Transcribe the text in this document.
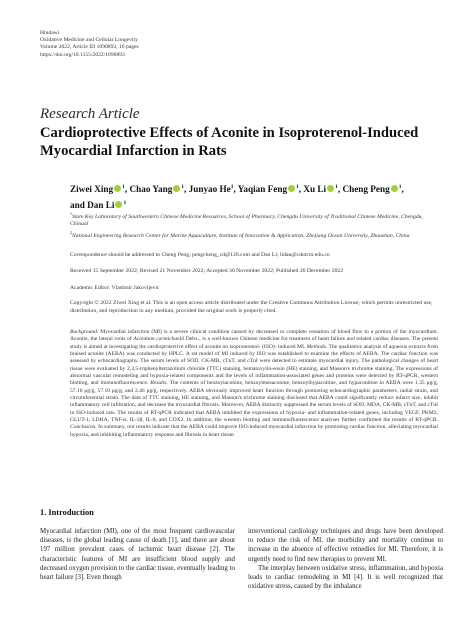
Hindawi
Oxidative Medicine and Cellular Longevity
Volume 2022, Article ID 1090893, 16 pages
https://doi.org/10.1155/2022/1090893
Research Article
Cardioprotective Effects of Aconite in Isoproterenol-Induced Myocardial Infarction in Rats
Ziwei Xing $^1$, Chao Yang $^1$, Junyao He$^1$, Yaqian Feng $^1$, Xu Li $^1$, Cheng Peng $^1$,
and Dan Li $^1$
$^1$State Key Laboratory of Southwestern Chinese Medicine Resources, School of Pharmacy, Chengdu University of Traditional Chinese Medicine, Chengdu, Chinaal
$^2$National Engineering Research Center for Marine Aquaculture, Institute of Innovation & Application, Zhejiang Ocean University, Zhoushan, China
Correspondence should be addressed to Cheng Peng; pengcheng_cd@126.com and Dan Li; lidan@cdutcm.edu.cn
Received 15 September 2022; Revised 21 November 2022; Accepted 30 November 2022; Published 26 December 2022
Academic Editor: Vladimir Jakovljevic
Copyright © 2022 Ziwei Xing et al. This is an open access article distributed under the Creative Commons Attribution License, which permits unrestricted use, distribution, and reproduction in any medium, provided the original work is properly cited.
Background. Myocardial infarction (MI) is a severe clinical condition caused by decreased or complete cessation of blood flow to a portion of the myocardium. Aconite, the lateral roots of Aconitum carmichaelii Debx., is a well-known Chinese medicine for treatment of heart failure and related cardiac diseases. The present study is aimed at investigating the cardioprotective effect of aconite on isoproterenol- (ISO)- induced MI. Methods. The qualitative analysis of aqueous extracts from braised aconite (AEBA) was conducted by HPLC. A rat model of MI induced by ISO was established to examine the effects of AEBA. The cardiac function was assessed by echocardiography. The serum levels of SOD, CK-MB, cTnT, and cTnI were detected to estimate myocardial injury. The pathological changes of heart tissue were evaluated by 2,3,5-triphenyltetrazolium chloride (TTC) staining, hematoxylin-eosin (HE) staining, and Masson's trichrome staining. The expressions of abnormal vascular remodeling and hypoxia-related components and the levels of inflammation-associated genes and proteins were detected by RT-qPCR, western blotting, and immunofluorescence. Results. The contents of benzoylaconine, benzoylmesaconine, benzoylhypacoitine, and hypaconitine in AEBA were 1.35 μg/g, 57.10 μg/g, 57.10 μg/g, and 2.46 μg/g, respectively. AEBA obviously improved heart function through promoting echocardiographic parameters, radial strain, and circumferential strain. The data of TTC staining, HE staining, and Masson's trichrome staining disclosed that AEBA could significantly reduce infarct size, inhibit inflammatory cell infiltration, and decrease the myocardial fibrosis. Moreover, AEBA distinctly suppressed the serum levels of SOD, MDA, CK-MB, cTnT, and cTnI in ISO-induced rats. The results of RT-qPCR indicated that AEBA inhibited the expressions of hypoxia- and inflammation-related genes, including VEGF, PKM2, GLUT-1, LDHA, TNF-α, IL-1β, IL-6, and COX2. In addition, the western blotting and immunofluorescence analyses further confirmed the results of RT-qPCR. Conclusion. In summary, our results indicate that the AEBA could improve ISO-induced myocardial infarction by promoting cardiac function, alleviating myocardial hypoxia, and inhibiting inflammatory response and fibrosis in heart tissue.
1. Introduction

Myocardial infarction (MI), one of the most frequent cardiovascular diseases, is the global leading cause of death [1], and there are about 197 million prevalent cases of ischemic heart disease [2]. The characteristic features of MI are insufficient blood supply and decreased oxygen provision to the cardiac tissue, eventually leading to heart failure [3]. Even though

interventional cardiology techniques and drugs have been developed to reduce the risk of MI, the morbidity and mortality continue to increase in the absence of effective remedies for MI. Therefore, it is urgently need to find new therapies to prevent MI.

The interplay between oxidative stress, inflammation, and hypoxia leads to cardiac remodeling in MI [4]. It is well recognized that oxidative stress, caused by the imbalance
